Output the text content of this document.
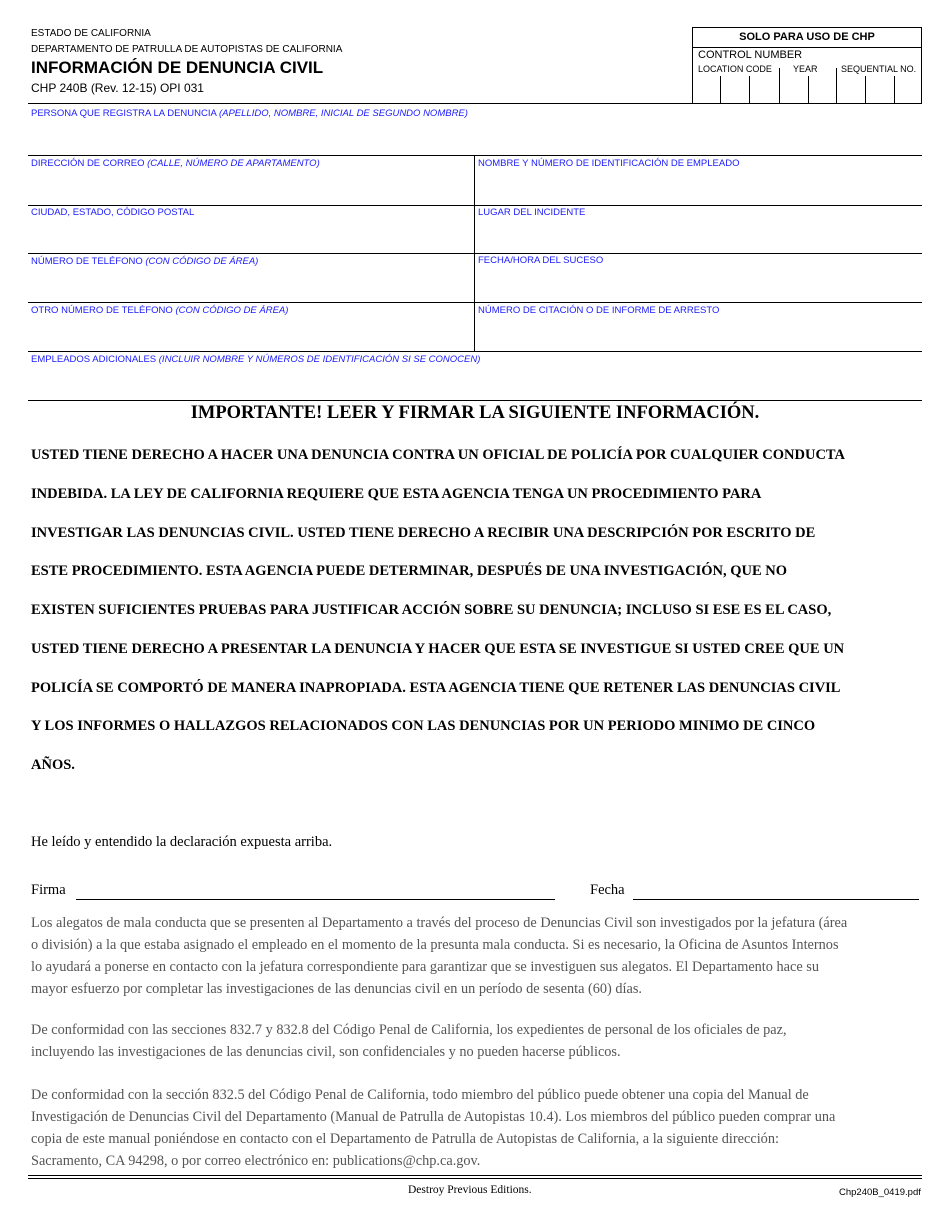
ESTADO DE CALIFORNIA
DEPARTAMENTO DE PATRULLA DE AUTOPISTAS DE CALIFORNIA
INFORMACIÓN DE DENUNCIA CIVIL
CHP 240B (Rev. 12-15) OPI 031
SOLO PARA USO DE CHP
CONTROL NUMBER
LOCATION CODE YEAR	SEQUENTIAL NO.
PERSONA QUE REGISTRA LA DENUNCIA (APELLIDO, NOMBRE, INICIAL DE SEGUNDO NOMBRE)
DIRECCIÓN DE CORREO (CALLE, NÚMERO DE APARTAMENTO)	NOMBRE Y NÚMERO DE IDENTIFICACIÓN DE EMPLEADO
CIUDAD, ESTADO, CÓDIGO POSTAL	LUGAR DEL INCIDENTE
NÚMERO DE TELÉFONO (CON CÓDIGO DE ÁREA)	FECHA/HORA DEL SUCESO
OTRO NÚMERO DE TELÉFONO (CON CÓDIGO DE ÁREA)	NÚMERO DE CITACIÓN O DE INFORME DE ARRESTO
EMPLEADOS ADICIONALES (INCLUIR NOMBRE Y NÚMEROS DE IDENTIFICACIÓN SI SE CONOCEN)
IMPORTANTE! LEER Y FIRMAR LA SIGUIENTE INFORMACIÓN.
USTED TIENE DERECHO A HACER UNA DENUNCIA CONTRA UN OFICIAL DE POLICÍA POR CUALQUIER CONDUCTA
INDEBIDA. LA LEY DE CALIFORNIA REQUIERE QUE ESTA AGENCIA TENGA UN PROCEDIMIENTO PARA
INVESTIGAR LAS DENUNCIAS CIVIL. USTED TIENE DERECHO A RECIBIR UNA DESCRIPCIÓN POR ESCRITO DE
ESTE PROCEDIMIENTO. ESTA AGENCIA PUEDE DETERMINAR, DESPUÉS DE UNA INVESTIGACIÓN, QUE NO
EXISTEN SUFICIENTES PRUEBAS PARA JUSTIFICAR ACCIÓN SOBRE SU DENUNCIA; INCLUSO SI ESE ES EL CASO,
USTED TIENE DERECHO A PRESENTAR LA DENUNCIA Y HACER QUE ESTA SE INVESTIGUE SI USTED CREE QUE UN
POLICÍA SE COMPORTÓ DE MANERA INAPROPIADA. ESTA AGENCIA TIENE QUE RETENER LAS DENUNCIAS CIVIL
Y LOS INFORMES O HALLAZGOS RELACIONADOS CON LAS DENUNCIAS POR UN PERIODO MINIMO DE CINCO
AÑOS.
He leído y entendido la declaración expuesta arriba.
Firma	Fecha
Los alegatos de mala conducta que se presenten al Departamento a través del proceso de Denuncias Civil son investigados por la jefatura (área
o división) a la que estaba asignado el empleado en el momento de la presunta mala conducta. Si es necesario, la Oficina de Asuntos Internos
lo ayudará a ponerse en contacto con la jefatura correspondiente para garantizar que se investiguen sus alegatos. El Departamento hace su
mayor esfuerzo por completar las investigaciones de las denuncias civil en un período de sesenta (60) días.
De conformidad con las secciones 832.7 y 832.8 del Código Penal de California, los expedientes de personal de los oficiales de paz,
incluyendo las investigaciones de las denuncias civil, son confidenciales y no pueden hacerse públicos.
De conformidad con la sección 832.5 del Código Penal de California, todo miembro del público puede obtener una copia del Manual de
Investigación de Denuncias Civil del Departamento (Manual de Patrulla de Autopistas 10.4). Los miembros del público pueden comprar una
copia de este manual poniéndose en contacto con el Departamento de Patrulla de Autopistas de California, a la siguiente dirección:
Sacramento, CA 94298, o por correo electrónico en: publications@chp.ca.gov.
Destroy Previous Editions.	Chp240B_0419.pdf
